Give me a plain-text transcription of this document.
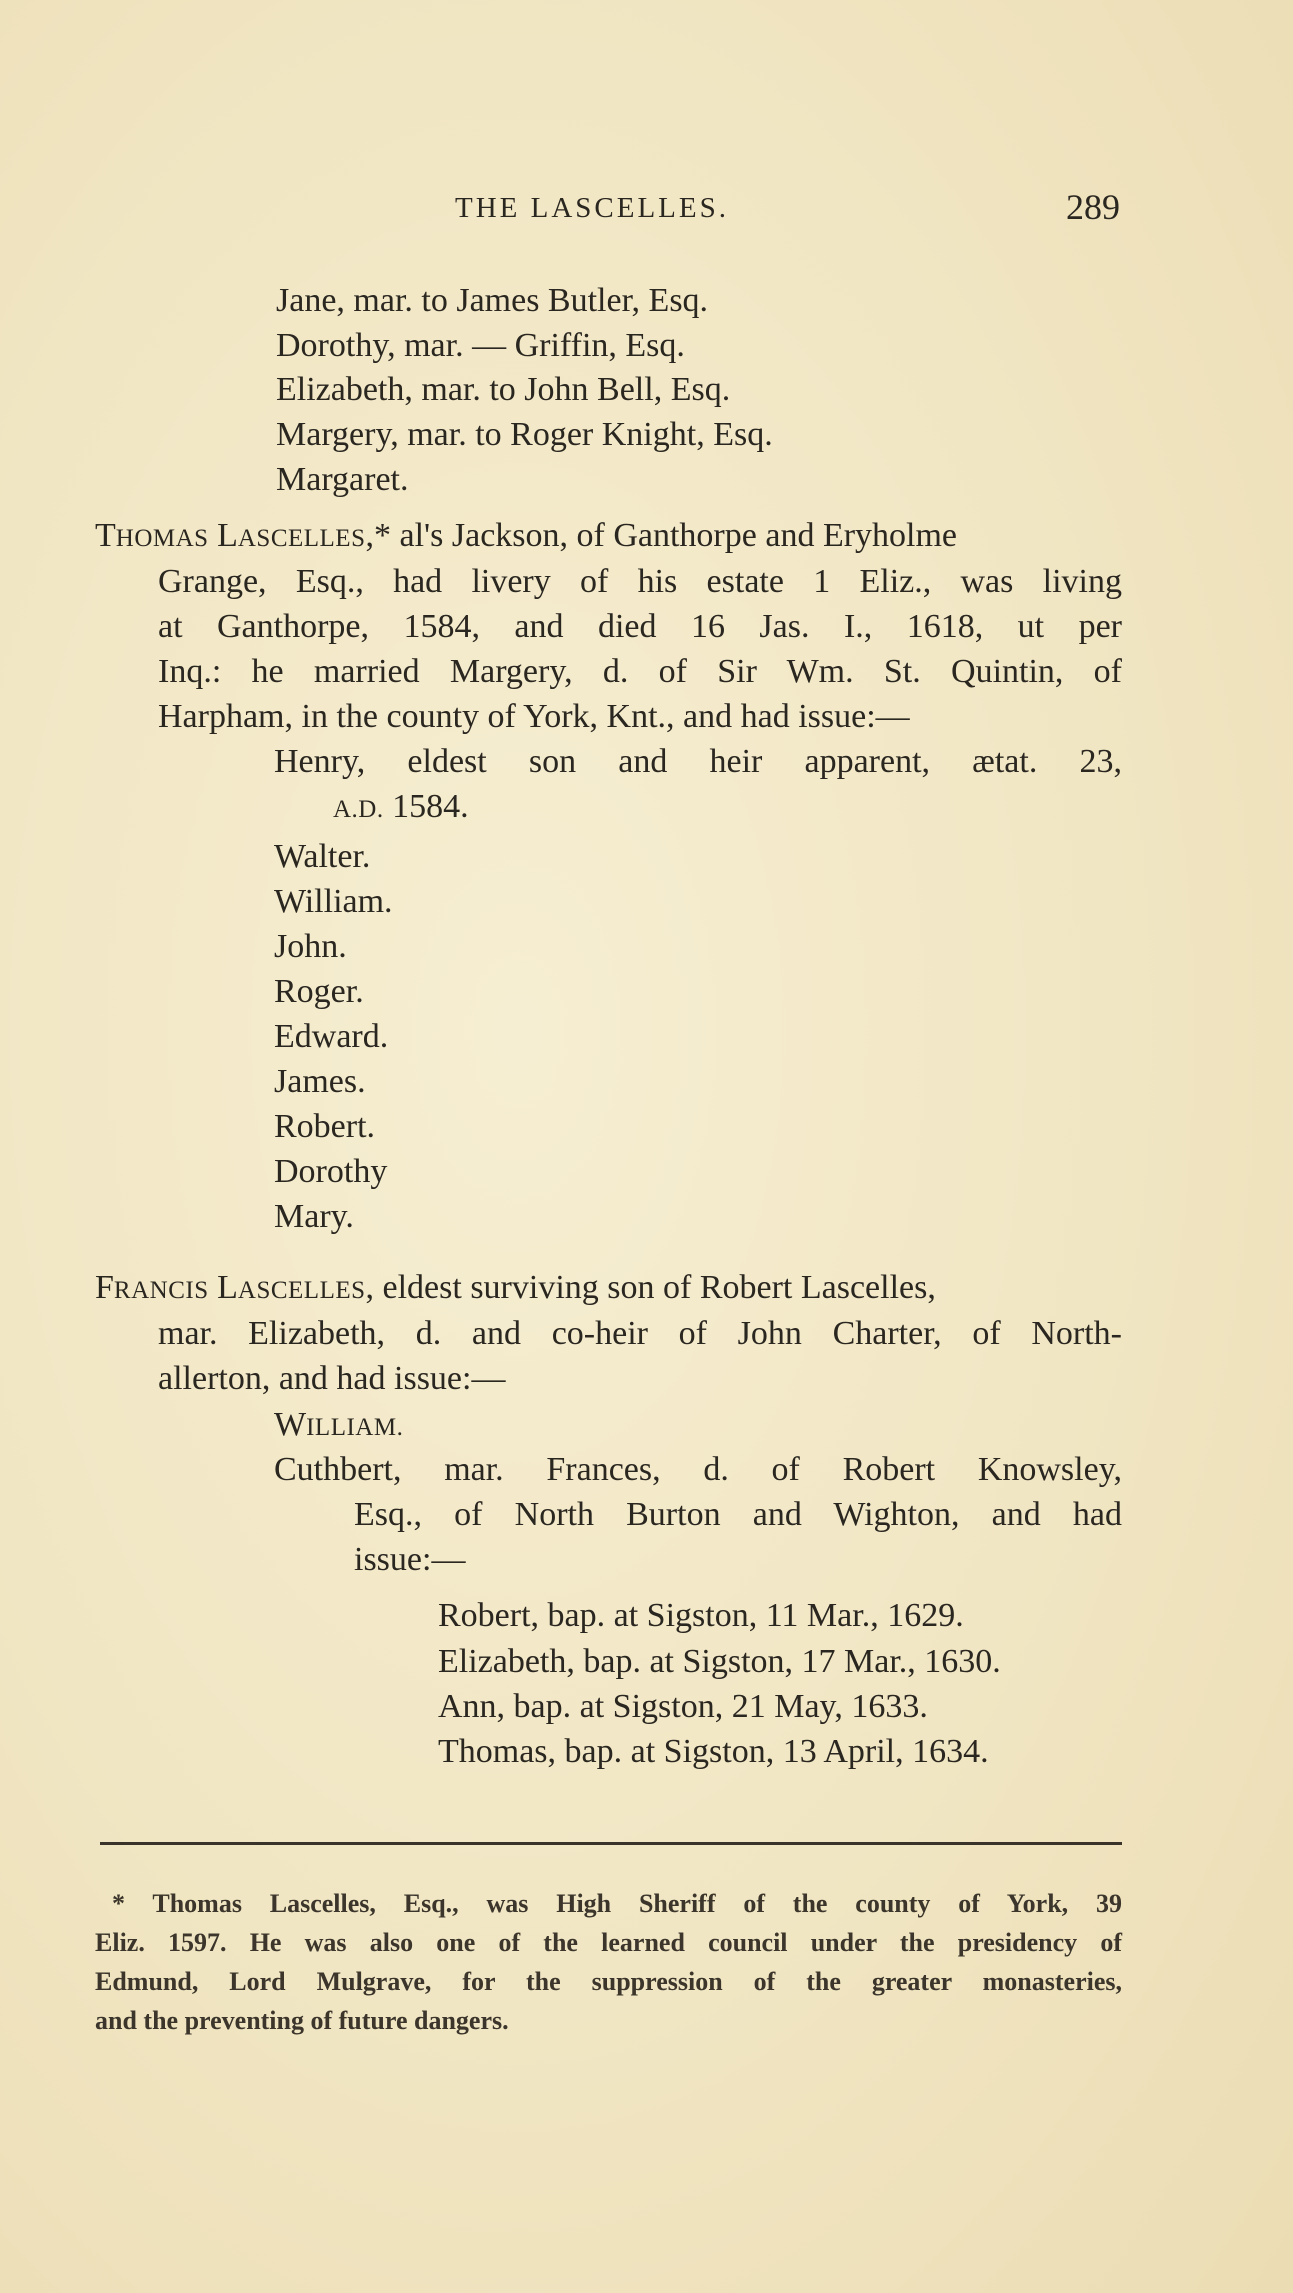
THE LASCELLES.	289
Jane, mar. to James Butler, Esq.
Dorothy, mar. — Griffin, Esq.
Elizabeth, mar. to John Bell, Esq.
Margery, mar. to Roger Knight, Esq.
Margaret.
THOMAS LASCELLES,* al's Jackson, of Ganthorpe and Eryholme
Grange, Esq., had livery of his estate 1 Eliz., was living
at Ganthorpe, 1584, and died 16 Jas. I., 1618, ut per
Inq.: he married Margery, d. of Sir Wm. St. Quintin, of
Harpham, in the county of York, Knt., and had issue:—
Henry, eldest son and heir apparent, ætat. 23,
A.D. 1584.
Walter.
William.
John.
Roger.
Edward.
James.
Robert.
Dorothy
Mary.
FRANCIS LASCELLES, eldest surviving son of Robert Lascelles,
mar. Elizabeth, d. and co-heir of John Charter, of North-
allerton, and had issue:—
WILLIAM.
Cuthbert, mar. Frances, d. of Robert Knowsley,
Esq., of North Burton and Wighton, and had
issue:—
Robert, bap. at Sigston, 11 Mar., 1629.
Elizabeth, bap. at Sigston, 17 Mar., 1630.
Ann, bap. at Sigston, 21 May, 1633.
Thomas, bap. at Sigston, 13 April, 1634.
* Thomas Lascelles, Esq., was High Sheriff of the county of York, 39
Eliz. 1597. He was also one of the learned council under the presidency of
Edmund, Lord Mulgrave, for the suppression of the greater monasteries,
and the preventing of future dangers.
